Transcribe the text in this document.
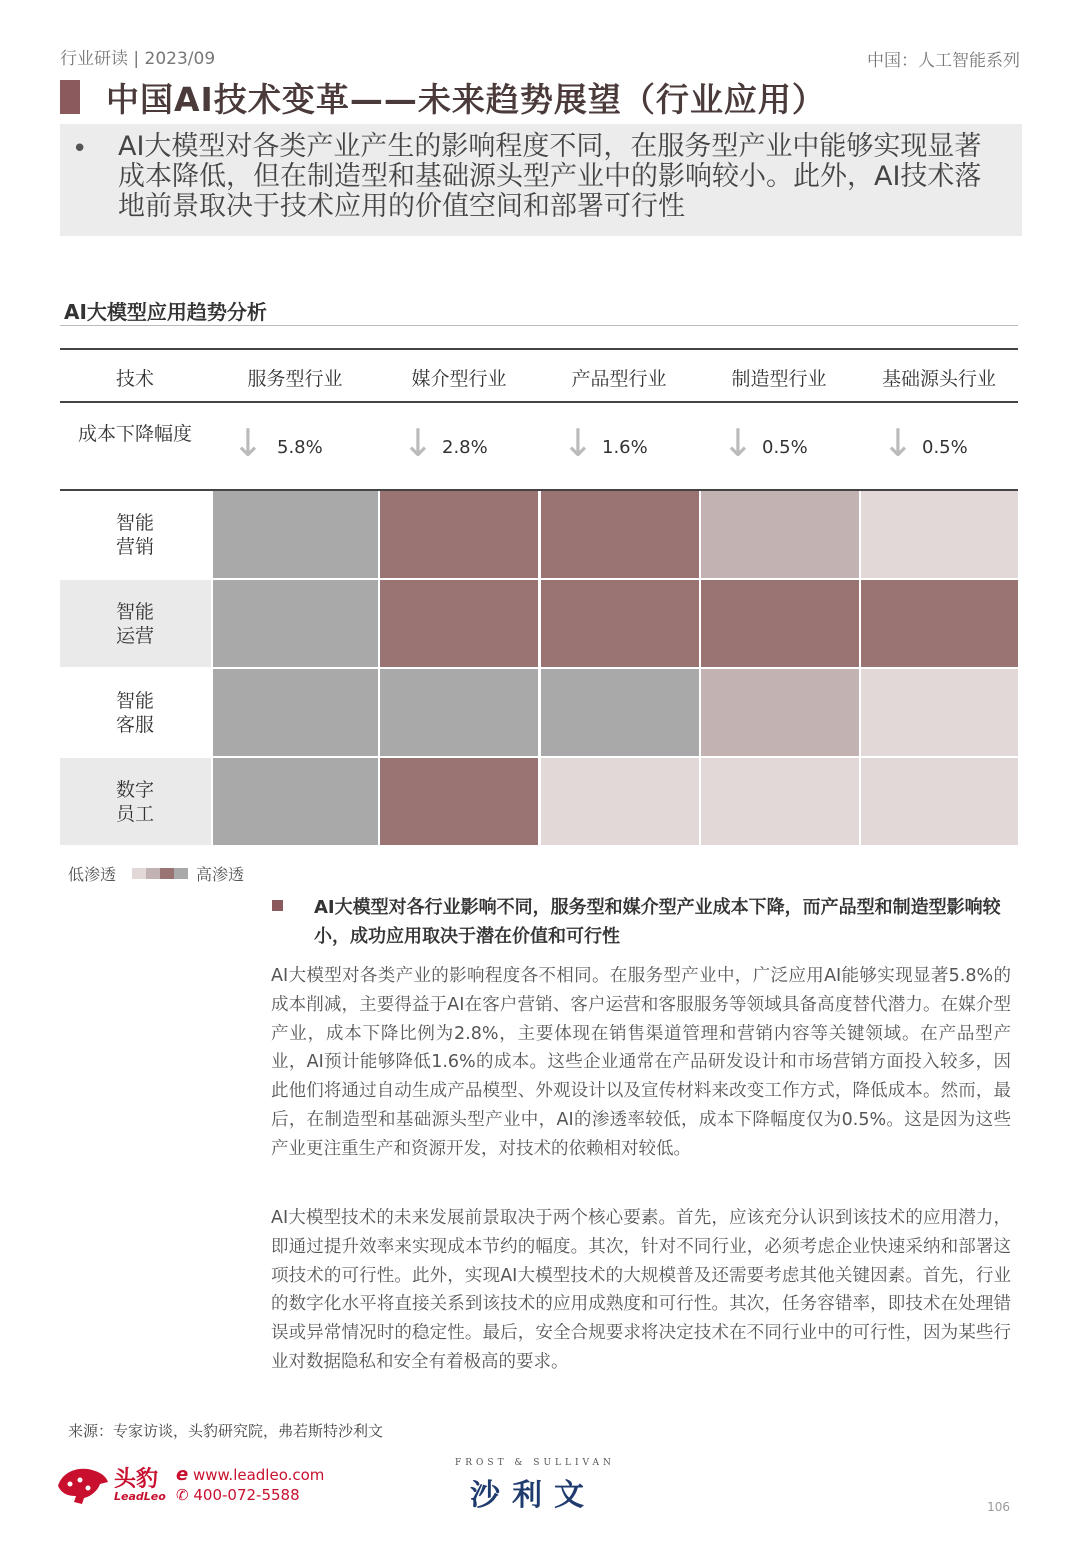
行业研读 | 2023/09	中国：人工智能系列
中国AI技术变革——未来趋势展望（行业应用）
• AI大模型对各类产业产生的影响程度不同，在服务型产业中能够实现显著成本降低，但在制造型和基础源头型产业中的影响较小。此外，AI技术落地前景取决于技术应用的价值空间和部署可行性
AI大模型应用趋势分析
技术	服务型行业	媒介型行业	产品型行业	制造型行业	基础源头行业
成本下降幅度	↓ 5.8% ↓ 2.8% ↓ 1.6% ↓ 0.5% ↓ 0.5%
智能
营销
智能
运营
智能
客服
数字
员工
低渗透	高渗透
AI大模型对各行业影响不同，服务型和媒介型产业成本下降，而产品型和制造型影响较小，成功应用取决于潜在价值和可行性
AI大模型对各类产业的影响程度各不相同。在服务型产业中，广泛应用AI能够实现显著5.8%的成本削减，主要得益于AI在客户营销、客户运营和客服服务等领域具备高度替代潜力。在媒介型产业，成本下降比例为2.8%，主要体现在销售渠道管理和营销内容等关键领域。在产品型产业，AI预计能够降低1.6%的成本。这些企业通常在产品研发设计和市场营销方面投入较多，因此他们将通过自动生成产品模型、外观设计以及宣传材料来改变工作方式，降低成本。然而，最后，在制造型和基础源头型产业中，AI的渗透率较低，成本下降幅度仅为0.5%。这是因为这些产业更注重生产和资源开发，对技术的依赖相对较低。
AI大模型技术的未来发展前景取决于两个核心要素。首先，应该充分认识到该技术的应用潜力，即通过提升效率来实现成本节约的幅度。其次，针对不同行业，必须考虑企业快速采纳和部署这项技术的可行性。此外，实现AI大模型技术的大规模普及还需要考虑其他关键因素。首先，行业的数字化水平将直接关系到该技术的应用成熟度和可行性。其次，任务容错率，即技术在处理错误或异常情况时的稳定性。最后，安全合规要求将决定技术在不同行业中的可行性，因为某些行业对数据隐私和安全有着极高的要求。
来源：专家访谈，头豹研究院，弗若斯特沙利文
头豹
LeadLeo
e www.leadleo.com
✆ 400-072-5588
FROST & SULLIVAN
沙利文	106
